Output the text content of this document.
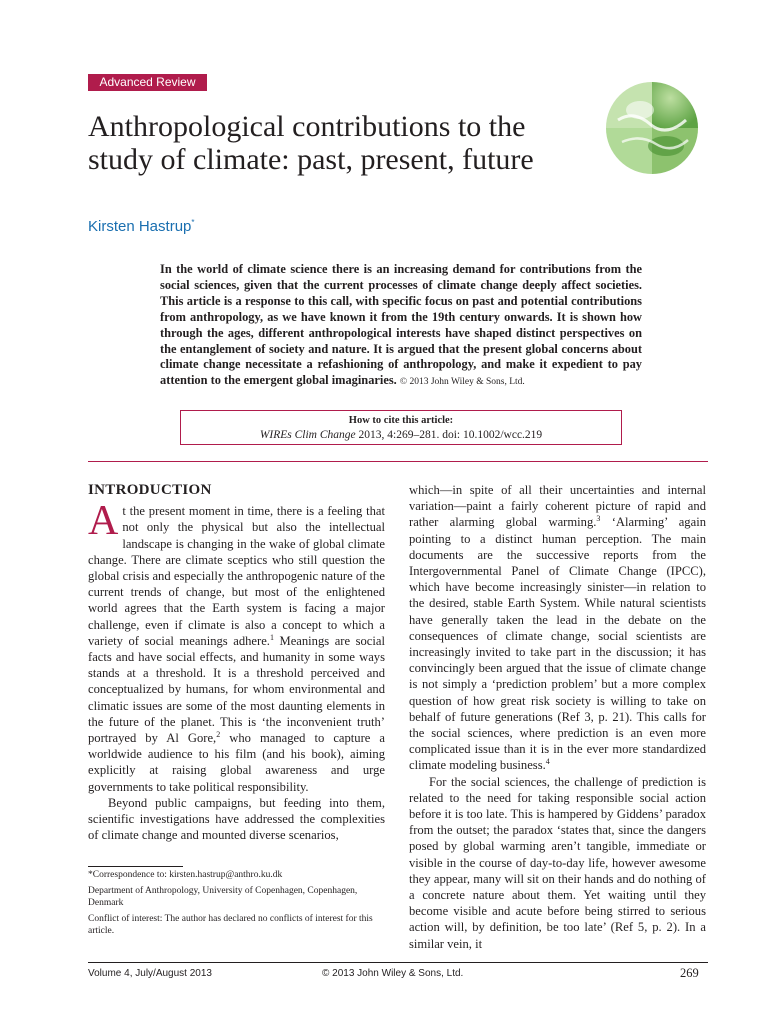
Advanced Review
Anthropological contributions to the study of climate: past, present, future
Kirsten Hastrup*

In the world of climate science there is an increasing demand for contributions from the social sciences, given that the current processes of climate change deeply affect societies. This article is a response to this call, with specific focus on past and potential contributions from anthropology, as we have known it from the 19th century onwards. It is shown how through the ages, different anthropological interests have shaped distinct perspectives on the entanglement of society and nature. It is argued that the present global concerns about climate change necessitate a refashioning of anthropology, and make it expedient to pay attention to the emergent global imaginaries. © 2013 John Wiley & Sons, Ltd.

How to cite this article:
WIREs Clim Change 2013, 4:269–281. doi: 10.1002/wcc.219
INTRODUCTION

At the present moment in time, there is a feeling that not only the physical but also the intellectual landscape is changing in the wake of global climate change. There are climate sceptics who still question the global crisis and especially the anthropogenic nature of the current trends of change, but most of the enlightened world agrees that the Earth system is facing a major challenge, even if climate is also a concept to which a variety of social meanings adhere.$^1$ Meanings are social facts and have social effects, and humanity in some ways stands at a threshold. It is a threshold perceived and conceptualized by humans, for whom environmental and climatic issues are some of the most daunting elements in the future of the planet. This is ‘the inconvenient truth’ portrayed by Al Gore,$^2$ who managed to capture a worldwide audience to his film (and his book), aiming explicitly at raising global awareness and urge governments to take political responsibility.

Beyond public campaigns, but feeding into them, scientific investigations have addressed the complexities of climate change and mounted diverse scenarios,

which—in spite of all their uncertainties and internal variation—paint a fairly coherent picture of rapid and rather alarming global warming.$^3$ ‘Alarming’ again pointing to a distinct human perception. The main documents are the successive reports from the Intergovernmental Panel of Climate Change (IPCC), which have become increasingly sinister—in relation to the desired, stable Earth System. While natural scientists have generally taken the lead in the debate on the consequences of climate change, social scientists are increasingly invited to take part in the discussion; it has convincingly been argued that the issue of climate change is not simply a ‘prediction problem’ but a more complex question of how great risk society is willing to take on behalf of future generations (Ref 3, p. 21). This calls for the social sciences, where prediction is an even more complicated issue than it is in the ever more standardized climate modeling business.$^4$

For the social sciences, the challenge of prediction is related to the need for taking responsible social action before it is too late. This is hampered by Giddens’ paradox from the outset; the paradox ‘states that, since the dangers posed by global warming aren’t tangible, immediate or visible in the course of day-to-day life, however awesome they appear, many will sit on their hands and do nothing of a concrete nature about them. Yet waiting until they become visible and acute before being stirred to serious action will, by definition, be too late’ (Ref 5, p. 2). In a similar vein, it

*Correspondence to: kirsten.hastrup@anthro.ku.dk

Department of Anthropology, University of Copenhagen, Copenhagen, Denmark

Conflict of interest: The author has declared no conflicts of interest for this article.

Volume 4, July/August 2013	© 2013 John Wiley & Sons, Ltd.	269
